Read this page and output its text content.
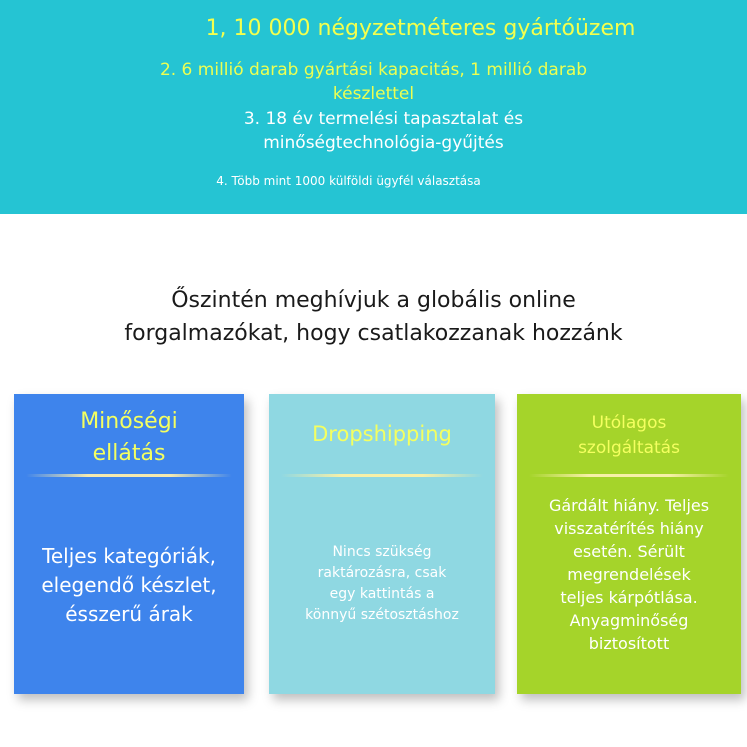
1, 10 000 négyzetméteres gyártóüzem
2. 6 millió darab gyártási kapacitás, 1 millió darab
készlettel
3. 18 év termelési tapasztalat és
minőségtechnológia-gyűjtés
4. Több mint 1000 külföldi ügyfél választása
Őszintén meghívjuk a globális online
forgalmazókat, hogy csatlakozzanak hozzánk
Minőségi
ellátás
Teljes kategóriák,
elegendő készlet,
ésszerű árak
Dropshipping
Nincs szükség
raktározásra, csak
egy kattintás a
könnyű szétosztáshoz
Utólagos
szolgáltatás
Gárdált hiány. Teljes
visszatérítés hiány
esetén. Sérült
megrendelések
teljes kárpótlása.
Anyagminőség
biztosított
